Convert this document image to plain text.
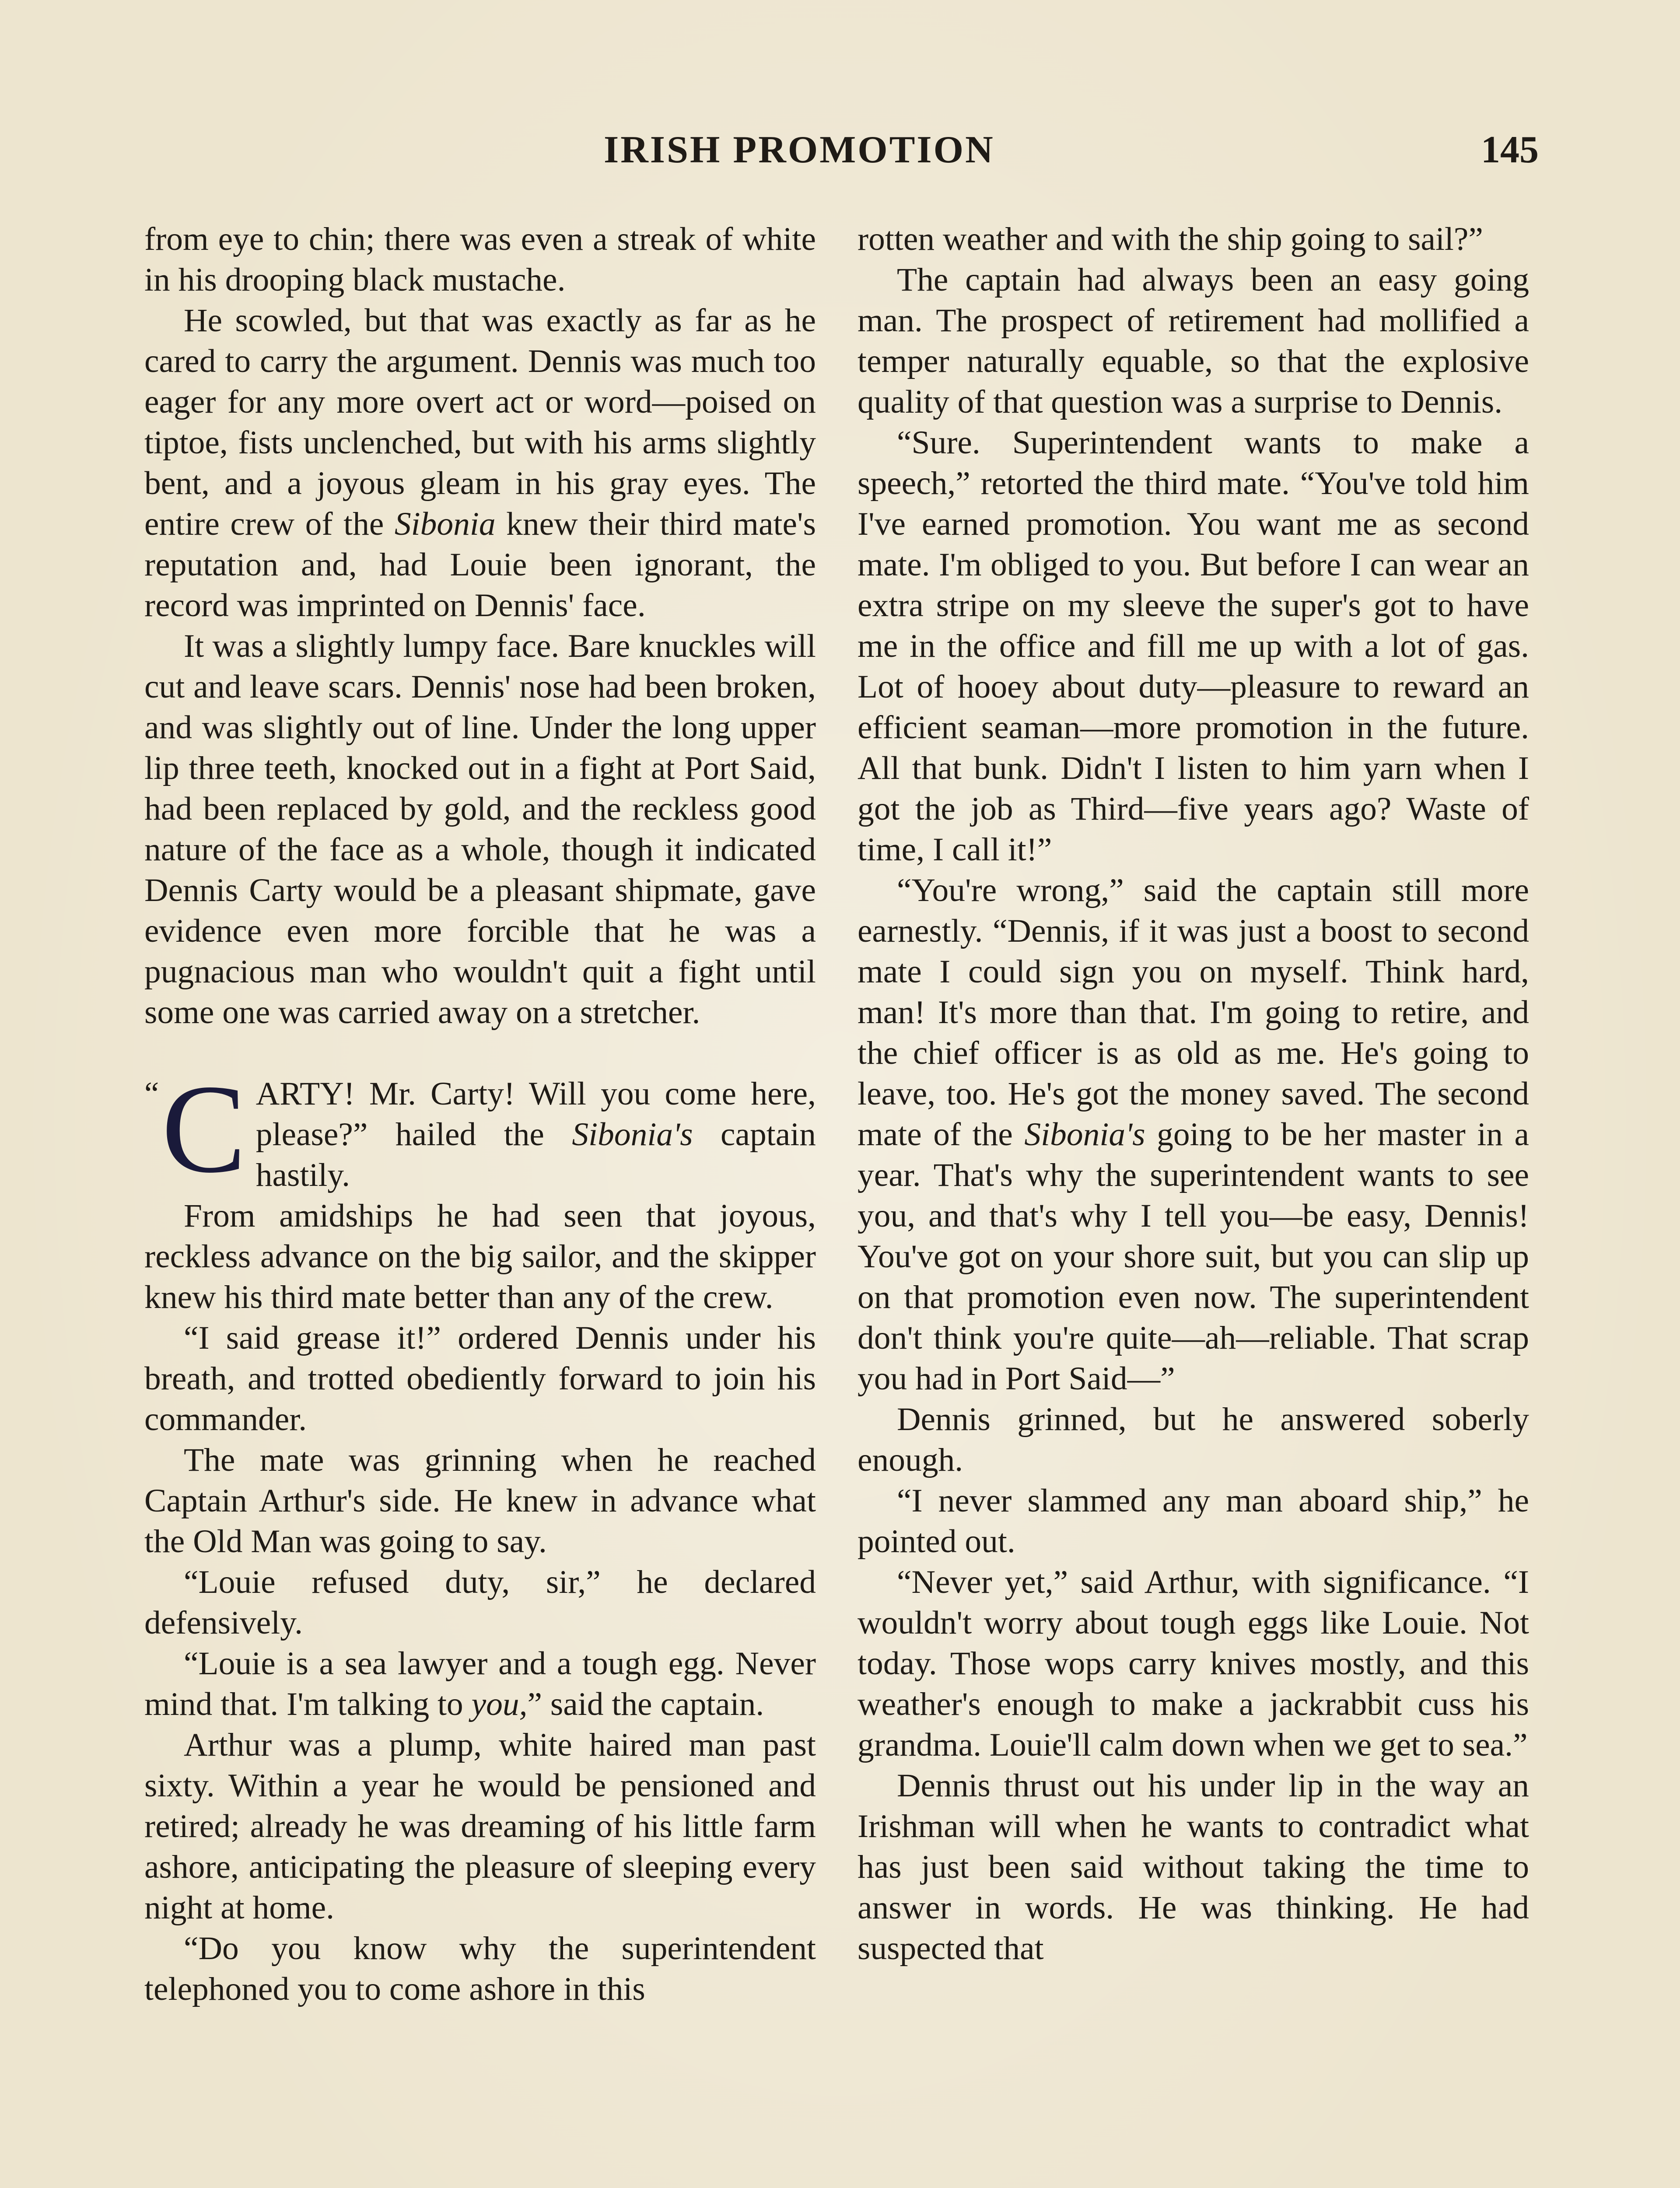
IRISH PROMOTION	145

from eye to chin; there was even a streak of white in his drooping black mustache.

He scowled, but that was exactly as far as he cared to carry the argument. Dennis was much too eager for any more overt act or word—poised on tiptoe, fists unclenched, but with his arms slightly bent, and a joyous gleam in his gray eyes. The entire crew of the Sibonia knew their third mate's reputation and, had Louie been ignorant, the record was imprinted on Dennis' face.

It was a slightly lumpy face. Bare knuckles will cut and leave scars. Dennis' nose had been broken, and was slightly out of line. Under the long upper lip three teeth, knocked out in a fight at Port Said, had been replaced by gold, and the reckless good nature of the face as a whole, though it indicated Dennis Carty would be a pleasant shipmate, gave evidence even more forcible that he was a pugnacious man who wouldn't quit a fight until some one was carried away on a stretcher.

“ C ARTY! Mr. Carty! Will you come here, please?” hailed the Sibonia's captain hastily.

From amidships he had seen that joyous, reckless advance on the big sailor, and the skipper knew his third mate better than any of the crew.

“I said grease it!” ordered Dennis under his breath, and trotted obediently forward to join his commander.

The mate was grinning when he reached Captain Arthur's side. He knew in advance what the Old Man was going to say.

“Louie refused duty, sir,” he declared defensively.

“Louie is a sea lawyer and a tough egg. Never mind that. I'm talking to you,” said the captain.

Arthur was a plump, white haired man past sixty. Within a year he would be pensioned and retired; already he was dreaming of his little farm ashore, anticipating the pleasure of sleeping every night at home.

“Do you know why the superintendent telephoned you to come ashore in this

rotten weather and with the ship going to sail?”

The captain had always been an easy going man. The prospect of retirement had mollified a temper naturally equable, so that the explosive quality of that question was a surprise to Dennis.

“Sure. Superintendent wants to make a speech,” retorted the third mate. “You've told him I've earned promotion. You want me as second mate. I'm obliged to you. But before I can wear an extra stripe on my sleeve the super's got to have me in the office and fill me up with a lot of gas. Lot of hooey about duty—pleasure to reward an efficient seaman—more promotion in the future. All that bunk. Didn't I listen to him yarn when I got the job as Third—five years ago? Waste of time, I call it!”

“You're wrong,” said the captain still more earnestly. “Dennis, if it was just a boost to second mate I could sign you on myself. Think hard, man! It's more than that. I'm going to retire, and the chief officer is as old as me. He's going to leave, too. He's got the money saved. The second mate of the Sibonia's going to be her master in a year. That's why the superintendent wants to see you, and that's why I tell you—be easy, Dennis! You've got on your shore suit, but you can slip up on that promotion even now. The superintendent don't think you're quite—ah—reliable. That scrap you had in Port Said—”

Dennis grinned, but he answered soberly enough.

“I never slammed any man aboard ship,” he pointed out.

“Never yet,” said Arthur, with significance. “I wouldn't worry about tough eggs like Louie. Not today. Those wops carry knives mostly, and this weather's enough to make a jackrabbit cuss his grandma. Louie'll calm down when we get to sea.”

Dennis thrust out his under lip in the way an Irishman will when he wants to contradict what has just been said without taking the time to answer in words. He was thinking. He had suspected that
